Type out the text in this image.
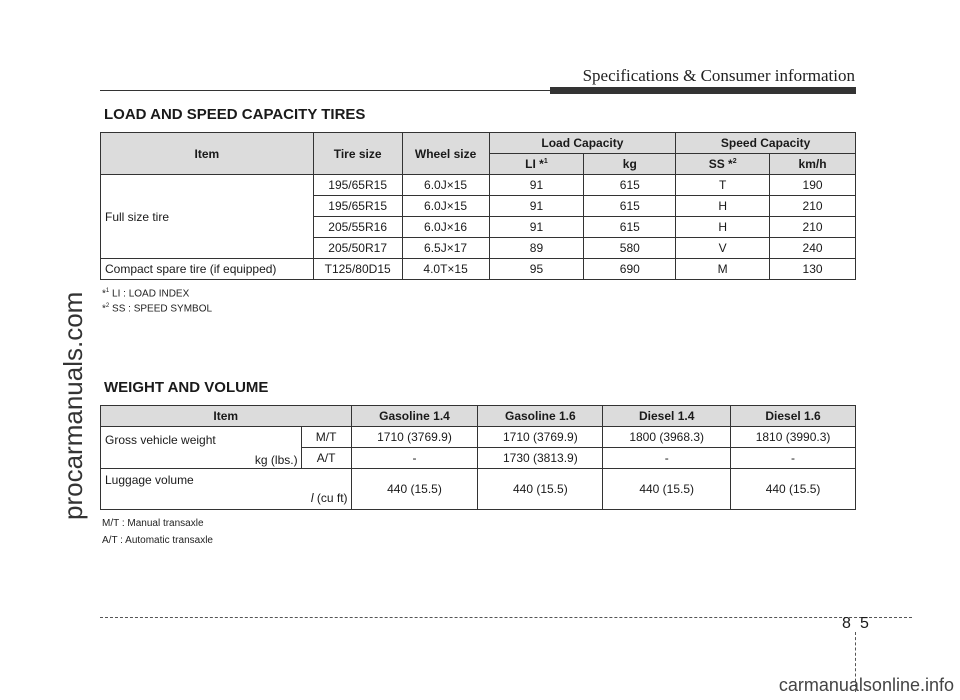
Specifications & Consumer information
procarmanuals.com
LOAD AND SPEED CAPACITY TIRES
Item	Tire size	Wheel size	Load Capacity		Speed Capacity	
			LI *$^1$	kg	SS *$^2$	km/h
Full size tire	195/65R15	6.0J×15	91	615	T	190
	195/65R15	6.0J×15	91	615	H	210
	205/55R16	6.0J×16	91	615	H	210
	205/50R17	6.5J×17	89	580	V	240
Compact spare tire (if equipped)	T125/80D15	4.0T×15	95	690	M	130
*$^1$ LI : LOAD INDEX
*$^2$ SS : SPEED SYMBOL
WEIGHT AND VOLUME
Item		Gasoline 1.4	Gasoline 1.6	Diesel 1.4	Diesel 1.6

Gross vehicle weight
kg (lbs.)	M/T	1710 (3769.9)	1710 (3769.9)	1800 (3968.3)	1810 (3990.3)
	A/T	-	1730 (3813.9)	-	-

Luggage volume
l (cu ft)		440 (15.5)	440 (15.5)	440 (15.5)	440 (15.5)
M/T : Manual transaxle
A/T : Automatic transaxle
8 5
carmanualsonline.info
